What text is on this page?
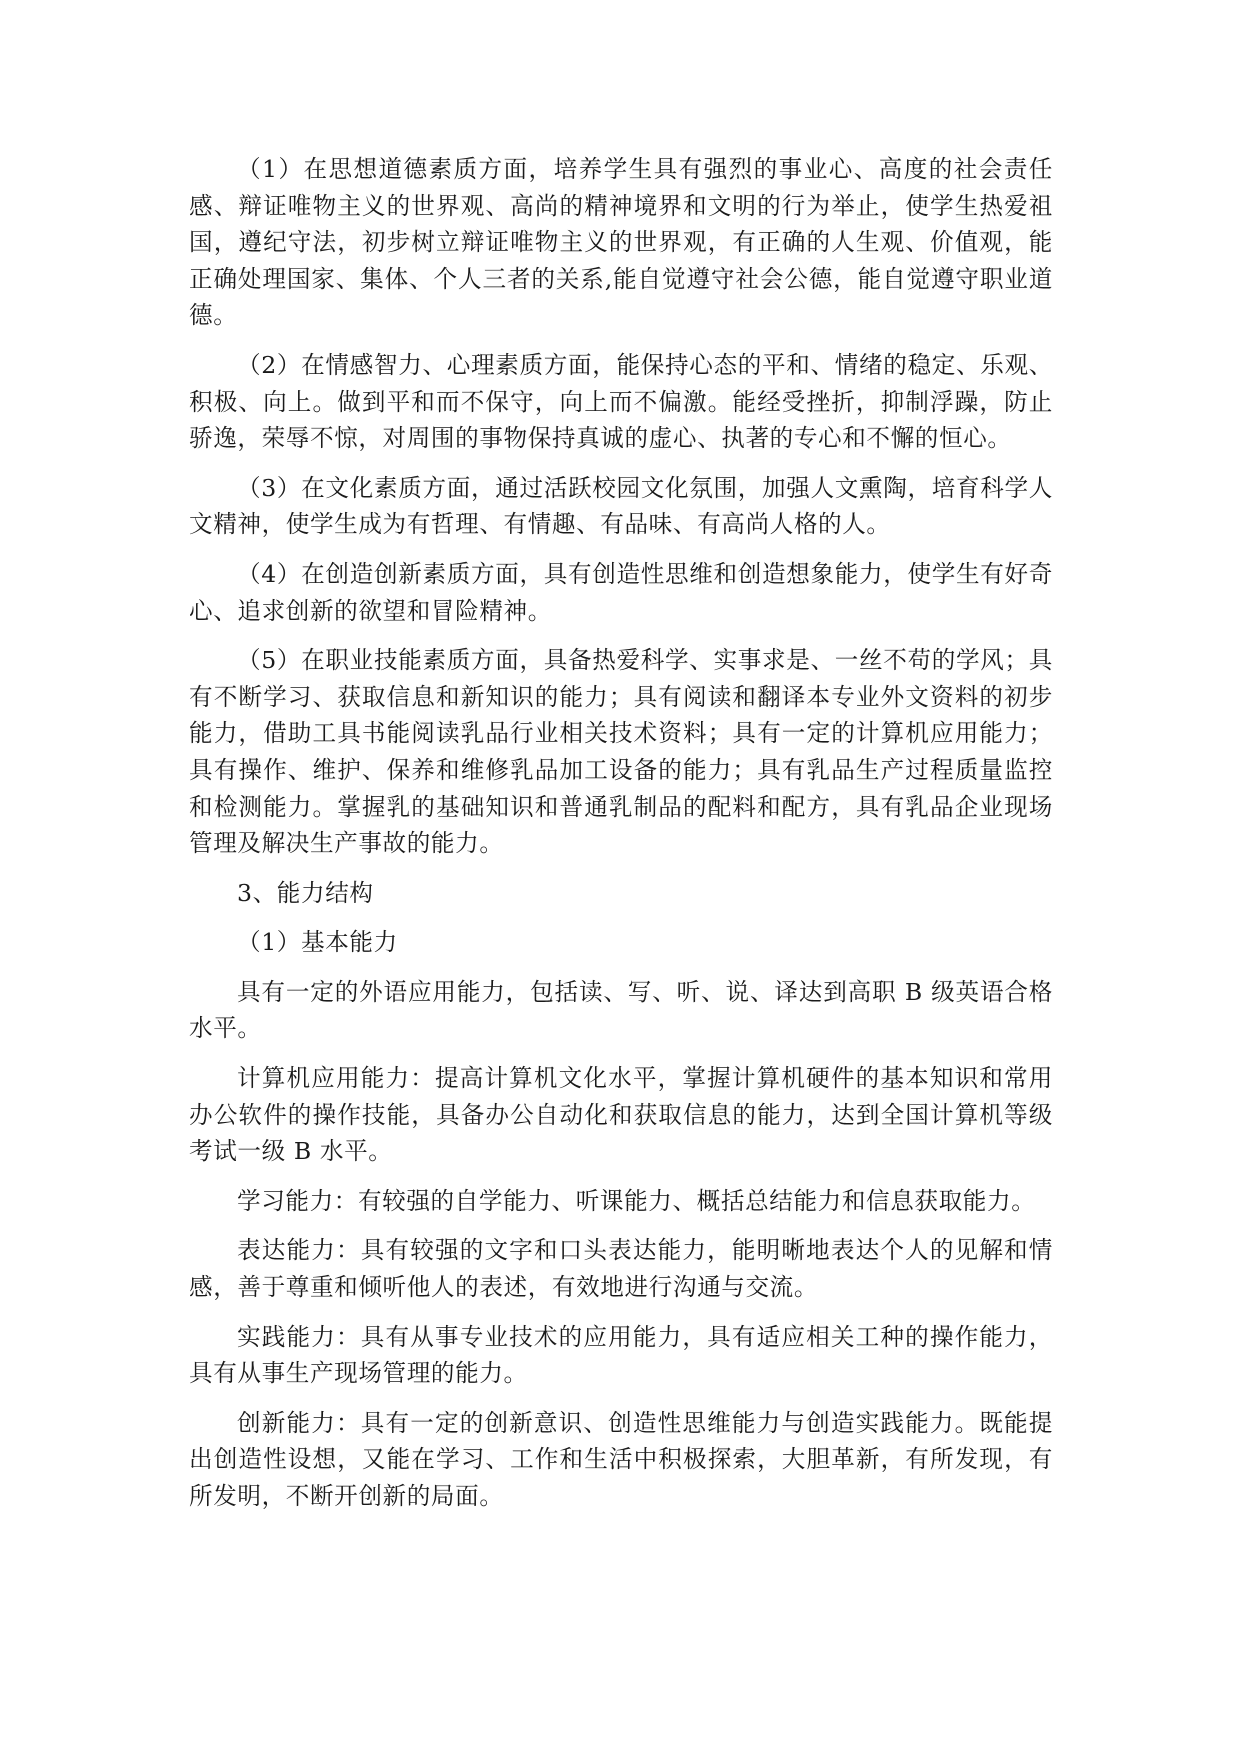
（1）在思想道德素质方面，培养学生具有强烈的事业心、高度的社会责任感、辩证唯物主义的世界观、高尚的精神境界和文明的行为举止，使学生热爱祖国，遵纪守法，初步树立辩证唯物主义的世界观，有正确的人生观、价值观，能正确处理国家、集体、个人三者的关系,能自觉遵守社会公德，能自觉遵守职业道德。

（2）在情感智力、心理素质方面，能保持心态的平和、情绪的稳定、乐观、积极、向上。做到平和而不保守，向上而不偏激。能经受挫折，抑制浮躁，防止骄逸，荣辱不惊，对周围的事物保持真诚的虚心、执著的专心和不懈的恒心。

（3）在文化素质方面，通过活跃校园文化氛围，加强人文熏陶，培育科学人文精神，使学生成为有哲理、有情趣、有品味、有高尚人格的人。

（4）在创造创新素质方面，具有创造性思维和创造想象能力，使学生有好奇心、追求创新的欲望和冒险精神。

（5）在职业技能素质方面，具备热爱科学、实事求是、一丝不苟的学风；具有不断学习、获取信息和新知识的能力；具有阅读和翻译本专业外文资料的初步能力，借助工具书能阅读乳品行业相关技术资料；具有一定的计算机应用能力；具有操作、维护、保养和维修乳品加工设备的能力；具有乳品生产过程质量监控和检测能力。掌握乳的基础知识和普通乳制品的配料和配方，具有乳品企业现场管理及解决生产事故的能力。

3、能力结构

（1）基本能力

具有一定的外语应用能力，包括读、写、听、说、译达到高职 B 级英语合格水平。

计算机应用能力：提高计算机文化水平，掌握计算机硬件的基本知识和常用办公软件的操作技能，具备办公自动化和获取信息的能力，达到全国计算机等级考试一级 B 水平。

学习能力：有较强的自学能力、听课能力、概括总结能力和信息获取能力。

表达能力：具有较强的文字和口头表达能力，能明晰地表达个人的见解和情感，善于尊重和倾听他人的表述，有效地进行沟通与交流。

实践能力：具有从事专业技术的应用能力，具有适应相关工种的操作能力，具有从事生产现场管理的能力。

创新能力：具有一定的创新意识、创造性思维能力与创造实践能力。既能提出创造性设想，又能在学习、工作和生活中积极探索，大胆革新，有所发现，有所发明，不断开创新的局面。
